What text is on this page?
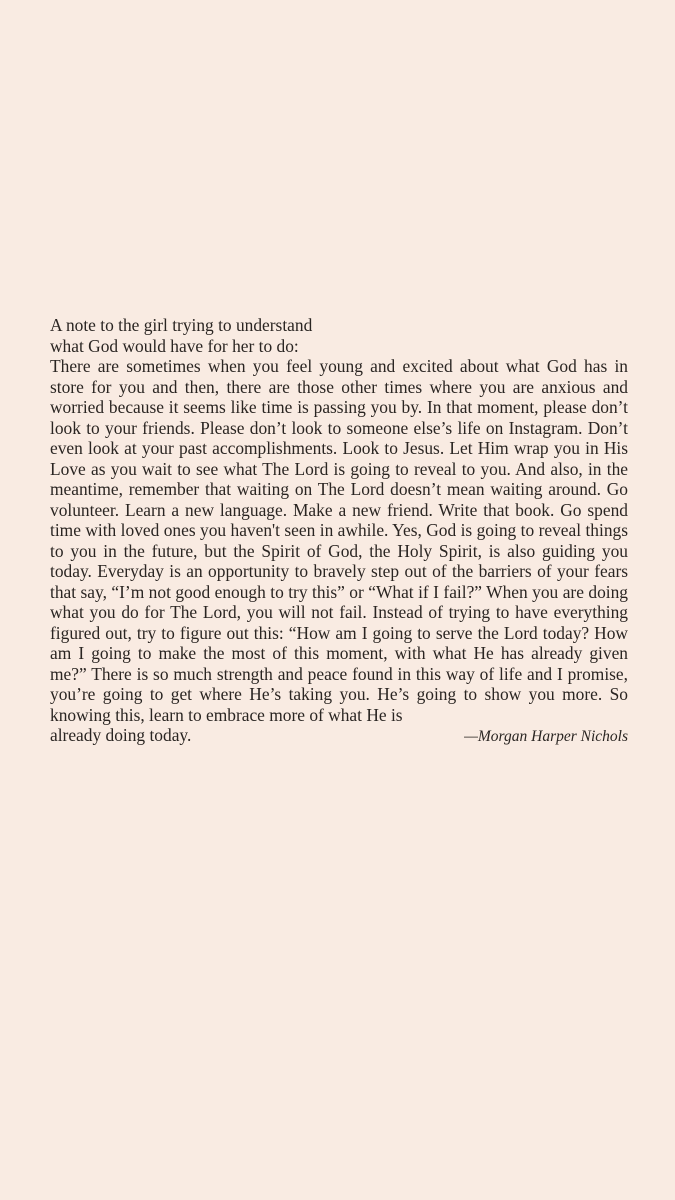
A note to the girl trying to understand
what God would have for her to do:
There are sometimes when you feel young and excited about what God has in store for you and then, there are those other times where you are anxious and worried because it seems like time is passing you by. In that moment, please don’t look to your friends. Please don’t look to someone else’s life on Instagram. Don’t even look at your past accomplishments. Look to Jesus. Let Him wrap you in His Love as you wait to see what The Lord is going to reveal to you. And also, in the meantime, remember that waiting on The Lord doesn’t mean waiting around. Go volunteer. Learn a new language. Make a new friend. Write that book. Go spend time with loved ones you haven't seen in awhile. Yes, God is going to reveal things to you in the future, but the Spirit of God, the Holy Spirit, is also guiding you today. Everyday is an opportunity to bravely step out of the barriers of your fears that say, “I’m not good enough to try this” or “What if I fail?” When you are doing what you do for The Lord, you will not fail. Instead of trying to have everything figured out, try to figure out this: “How am I going to serve the Lord today? How am I going to make the most of this moment, with what He has already given me?” There is so much strength and peace found in this way of life and I promise, you’re going to get where He’s taking you. He’s going to show you more. So knowing this, learn to embrace more of what He is
already doing today.	—Morgan Harper Nichols
